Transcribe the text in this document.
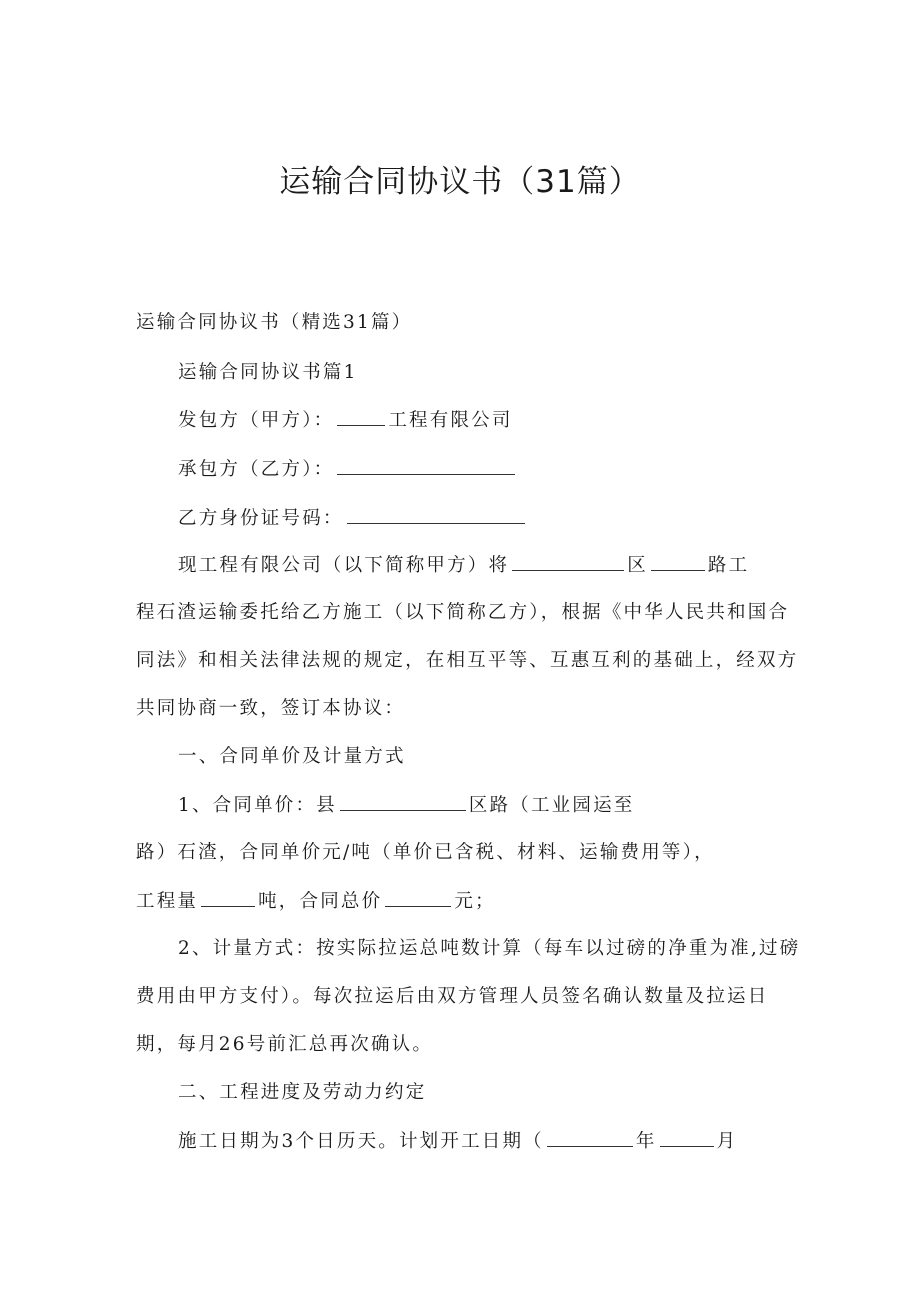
运输合同协议书（31篇）

运输合同协议书（精选31篇）

运输合同协议书篇1

发包方（甲方）：	工程有限公司

承包方（乙方）：

乙方身份证号码：

现工程有限公司（以下简称甲方）将	区	路工

程石渣运输委托给乙方施工（以下简称乙方），根据《中华人民共和国合

同法》和相关法律法规的规定，在相互平等、互惠互利的基础上，经双方

共同协商一致，签订本协议：

一、合同单价及计量方式

1、合同单价：县	区路（工业园运至

路）石渣，合同单价元/吨（单价已含税、材料、运输费用等），

工程量	吨，合同总价	元；

2、计量方式：按实际拉运总吨数计算（每车以过磅的净重为准,过磅

费用由甲方支付）。每次拉运后由双方管理人员签名确认数量及拉运日

期，每月26号前汇总再次确认。

二、工程进度及劳动力约定

施工日期为3个日历天。计划开工日期（	年	月
